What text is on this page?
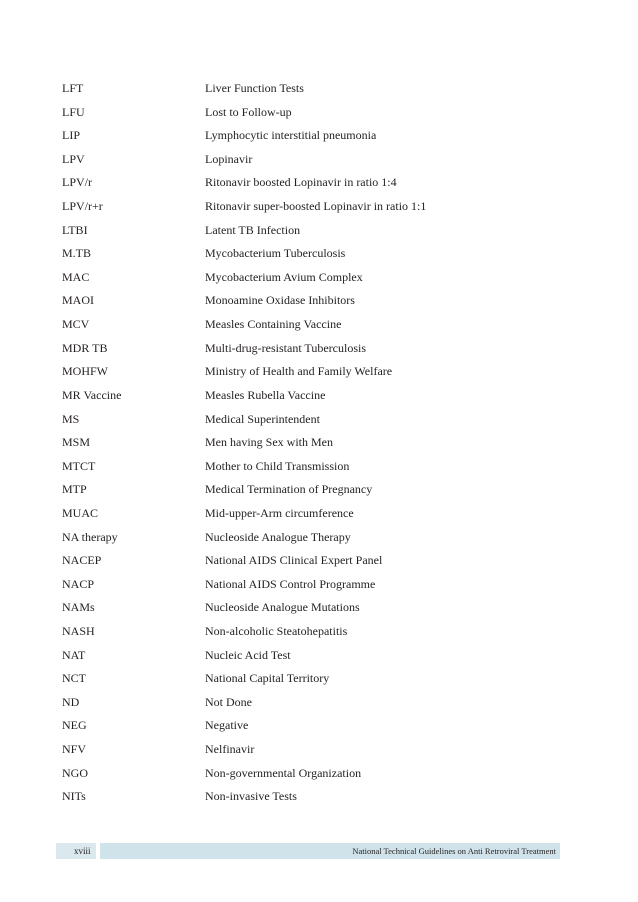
LFT	Liver Function Tests
LFU	Lost to Follow-up
LIP	Lymphocytic interstitial pneumonia
LPV	Lopinavir
LPV/r	Ritonavir boosted Lopinavir in ratio 1:4
LPV/r+r	Ritonavir super-boosted Lopinavir in ratio 1:1
LTBI	Latent TB Infection
M.TB	Mycobacterium Tuberculosis
MAC	Mycobacterium Avium Complex
MAOI	Monoamine Oxidase Inhibitors
MCV	Measles Containing Vaccine
MDR TB	Multi-drug-resistant Tuberculosis
MOHFW	Ministry of Health and Family Welfare
MR Vaccine	Measles Rubella Vaccine
MS	Medical Superintendent
MSM	Men having Sex with Men
MTCT	Mother to Child Transmission
MTP	Medical Termination of Pregnancy
MUAC	Mid-upper-Arm circumference
NA therapy	Nucleoside Analogue Therapy
NACEP	National AIDS Clinical Expert Panel
NACP	National AIDS Control Programme
NAMs	Nucleoside Analogue Mutations
NASH	Non-alcoholic Steatohepatitis
NAT	Nucleic Acid Test
NCT	National Capital Territory
ND	Not Done
NEG	Negative
NFV	Nelfinavir
NGO	Non-governmental Organization
NITs	Non-invasive Tests
xviii	National Technical Guidelines on Anti Retroviral Treatment
